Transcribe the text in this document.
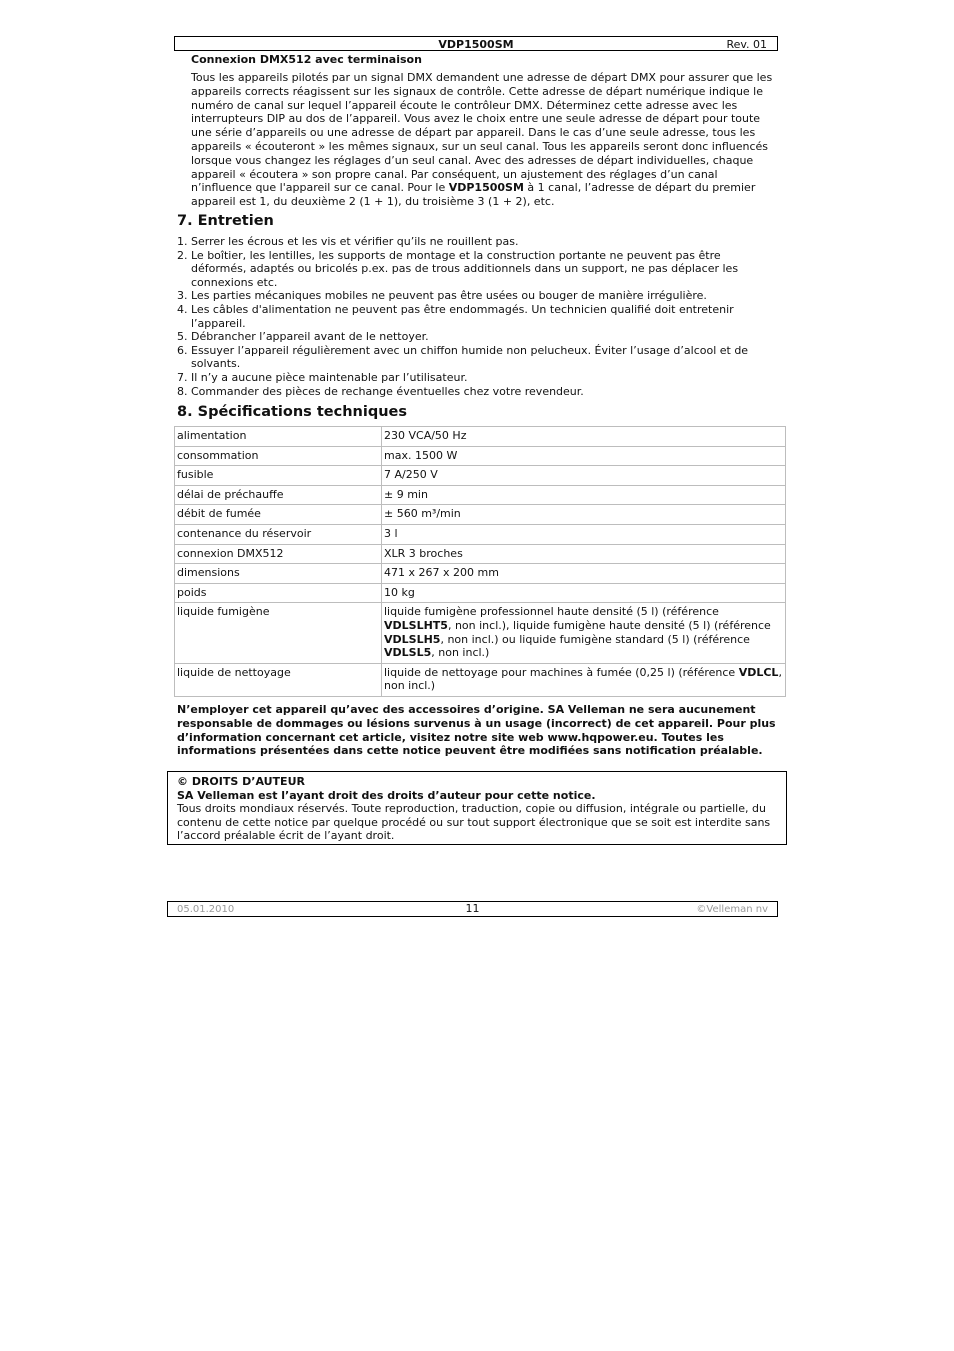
VDP1500SM	Rev. 01
Connexion DMX512 avec terminaison
Tous les appareils pilotés par un signal DMX demandent une adresse de départ DMX pour assurer que les appareils corrects réagissent sur les signaux de contrôle. Cette adresse de départ numérique indique le numéro de canal sur lequel l’appareil écoute le contrôleur DMX. Déterminez cette adresse avec les interrupteurs DIP au dos de l’appareil. Vous avez le choix entre une seule adresse de départ pour toute une série d’appareils ou une adresse de départ par appareil. Dans le cas d’une seule adresse, tous les appareils « écouteront » les mêmes signaux, sur un seul canal. Tous les appareils seront donc influencés lorsque vous changez les réglages d’un seul canal. Avec des adresses de départ individuelles, chaque appareil « écoutera » son propre canal. Par conséquent, un ajustement des réglages d’un canal n’influence que l'appareil sur ce canal. Pour le VDP1500SM à 1 canal, l’adresse de départ du premier appareil est 1, du deuxième 2 (1 + 1), du troisième 3 (1 + 2), etc.
7. Entretien
1. Serrer les écrous et les vis et vérifier qu’ils ne rouillent pas.
2. Le boîtier, les lentilles, les supports de montage et la construction portante ne peuvent pas être déformés, adaptés ou bricolés p.ex. pas de trous additionnels dans un support, ne pas déplacer les connexions etc.
3. Les parties mécaniques mobiles ne peuvent pas être usées ou bouger de manière irrégulière.
4. Les câbles d'alimentation ne peuvent pas être endommagés. Un technicien qualifié doit entretenir l’appareil.
5. Débrancher l’appareil avant de le nettoyer.
6. Essuyer l’appareil régulièrement avec un chiffon humide non pelucheux. Éviter l’usage d’alcool et de solvants.
7. Il n’y a aucune pièce maintenable par l’utilisateur.
8. Commander des pièces de rechange éventuelles chez votre revendeur.
8. Spécifications techniques
alimentation	230 VCA/50 Hz
consommation	max. 1500 W
fusible	7 A/250 V
délai de préchauffe	± 9 min
débit de fumée	± 560 m³/min
contenance du réservoir	3 l
connexion DMX512	XLR 3 broches
dimensions	471 x 267 x 200 mm
poids	10 kg
liquide fumigène	liquide fumigène professionnel haute densité (5 l) (référence VDLSLHT5, non incl.), liquide fumigène haute densité (5 l) (référence VDLSLH5, non incl.) ou liquide fumigène standard (5 l) (référence VDLSL5, non incl.)
liquide de nettoyage	liquide de nettoyage pour machines à fumée (0,25 l) (référence VDLCL, non incl.)
N’employer cet appareil qu’avec des accessoires d’origine. SA Velleman ne sera aucunement responsable de dommages ou lésions survenus à un usage (incorrect) de cet appareil. Pour plus d’information concernant cet article, visitez notre site web www.hqpower.eu. Toutes les informations présentées dans cette notice peuvent être modifiées sans notification préalable.
© DROITS D’AUTEUR
SA Velleman est l’ayant droit des droits d’auteur pour cette notice.
Tous droits mondiaux réservés. Toute reproduction, traduction, copie ou diffusion, intégrale ou partielle, du contenu de cette notice par quelque procédé ou sur tout support électronique que se soit est interdite sans l’accord préalable écrit de l’ayant droit.
05.01.2010	11	©Velleman nv
